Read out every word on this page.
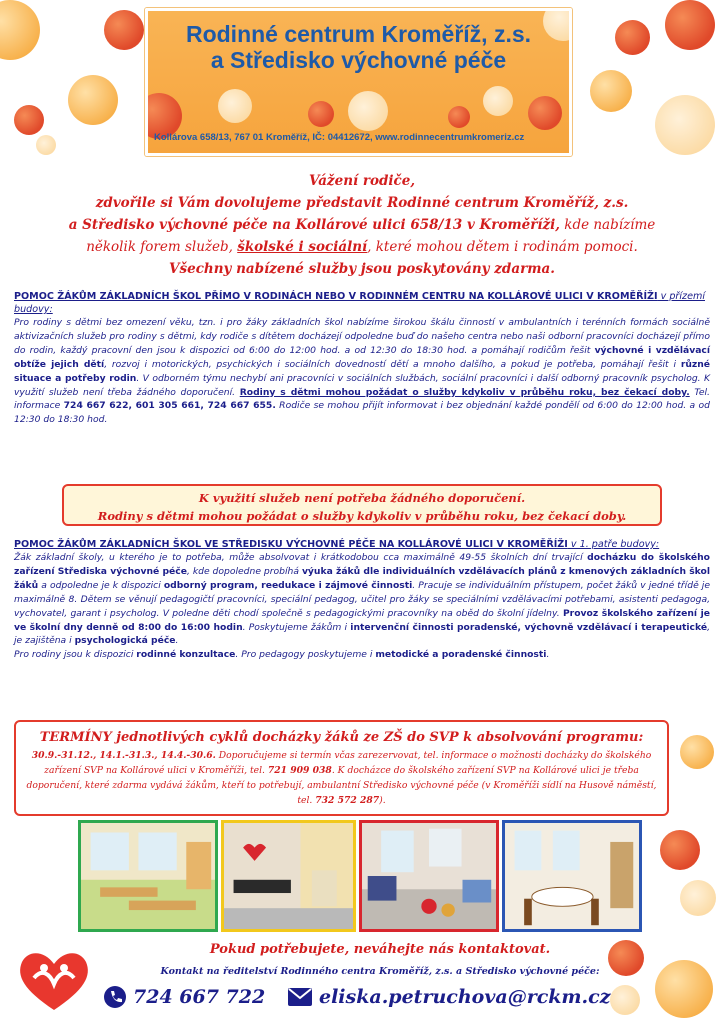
Rodinné centrum Kroměříž, z.s.
a Středisko výchovné péče
Kollárova 658/13, 767 01 Kroměříž, IČ: 04412672, www.rodinnecentrumkromeriz.cz
Vážení rodiče,
zdvořile si Vám dovolujeme představit Rodinné centrum Kroměříž, z.s.
a Středisko výchovné péče na Kollárové ulici 658/13 v Kroměříži, kde nabízíme
několik forem služeb, školské i sociální, které mohou dětem i rodinám pomoci.
Všechny nabízené služby jsou poskytovány zdarma.
POMOC ŽÁKŮM ZÁKLADNÍCH ŠKOL PŘÍMO V RODINÁCH NEBO V RODINNÉM CENTRU NA KOLLÁROVÉ ULICI V KROMĚŘÍŽI v přízemí budovy:
Pro rodiny s dětmi bez omezení věku, tzn. i pro žáky základních škol nabízíme širokou škálu činností v ambulantních i terénních formách sociálně aktivizačních služeb pro rodiny s dětmi, kdy rodiče s dítětem docházejí odpoledne buď do našeho centra nebo naši odborní pracovníci docházejí přímo do rodin, každý pracovní den jsou k dispozici od 6:00 do 12:00 hod. a od 12:30 do 18:30 hod. a pomáhají rodičům řešit výchovné i vzdělávací obtíže jejich dětí, rozvoj i motorických, psychických i sociálních dovedností dětí a mnoho dalšího, a pokud je potřeba, pomáhají řešit i různé situace a potřeby rodin. V odborném týmu nechybí ani pracovníci v sociálních službách, sociální pracovníci i další odborný pracovník psycholog. K využití služeb není třeba žádného doporučení. Rodiny s dětmi mohou požádat o služby kdykoliv v průběhu roku, bez čekací doby. Tel. informace 724 667 622, 601 305 661, 724 667 655. Rodiče se mohou přijít informovat i bez objednání každé pondělí od 6:00 do 12:00 hod. a od 12:30 do 18:30 hod.
K využití služeb není potřeba žádného doporučení.
Rodiny s dětmi mohou požádat o služby kdykoliv v průběhu roku, bez čekací doby.
POMOC ŽÁKŮM ZÁKLADNÍCH ŠKOL VE STŘEDISKU VÝCHOVNÉ PÉČE NA KOLLÁROVÉ ULICI V KROMĚŘÍŽI v 1. patře budovy:
Žák základní školy, u kterého je to potřeba, může absolvovat i krátkodobou cca maximálně 49-55 školních dní trvající docházku do školského zařízení Střediska výchovné péče, kde dopoledne probíhá výuka žáků dle individuálních vzdělávacích plánů z kmenových základních škol žáků a odpoledne je k dispozici odborný program, reedukace i zájmové činnosti. Pracuje se individuálním přístupem, počet žáků v jedné třídě je maximálně 8. Dětem se věnují pedagogičtí pracovníci, speciální pedagog, učitel pro žáky se speciálními vzdělávacími potřebami, asistenti pedagoga, vychovatel, garant i psycholog. V poledne děti chodí společně s pedagogickými pracovníky na oběd do školní jídelny. Provoz školského zařízení je ve školní dny denně od 8:00 do 16:00 hodin. Poskytujeme žákům i intervenční činnosti poradenské, výchovně vzdělávací i terapeutické, je zajištěna i psychologická péče.
Pro rodiny jsou k dispozici rodinné konzultace. Pro pedagogy poskytujeme i metodické a poradenské činnosti.
TERMÍNY jednotlivých cyklů docházky žáků ze ZŠ do SVP k absolvování programu:
30.9.-31.12., 14.1.-31.3., 14.4.-30.6. Doporučujeme si termín včas zarezervovat, tel. informace o možnosti docházky do školského zařízení SVP na Kollárové ulici v Kroměříži, tel. 721 909 038. K docházce do školského zařízení SVP na Kollárové ulici je třeba doporučení, které zdarma vydává žákům, kteří to potřebují, ambulantní Středisko výchovné péče (v Kroměříži sídlí na Husově náměstí, tel. 732 572 287).
Pokud potřebujete, neváhejte nás kontaktovat.
Kontakt na ředitelství Rodinného centra Kroměříž, z.s. a Středisko výchovné péče:
724 667 722	eliska.petruchova@rckm.cz
